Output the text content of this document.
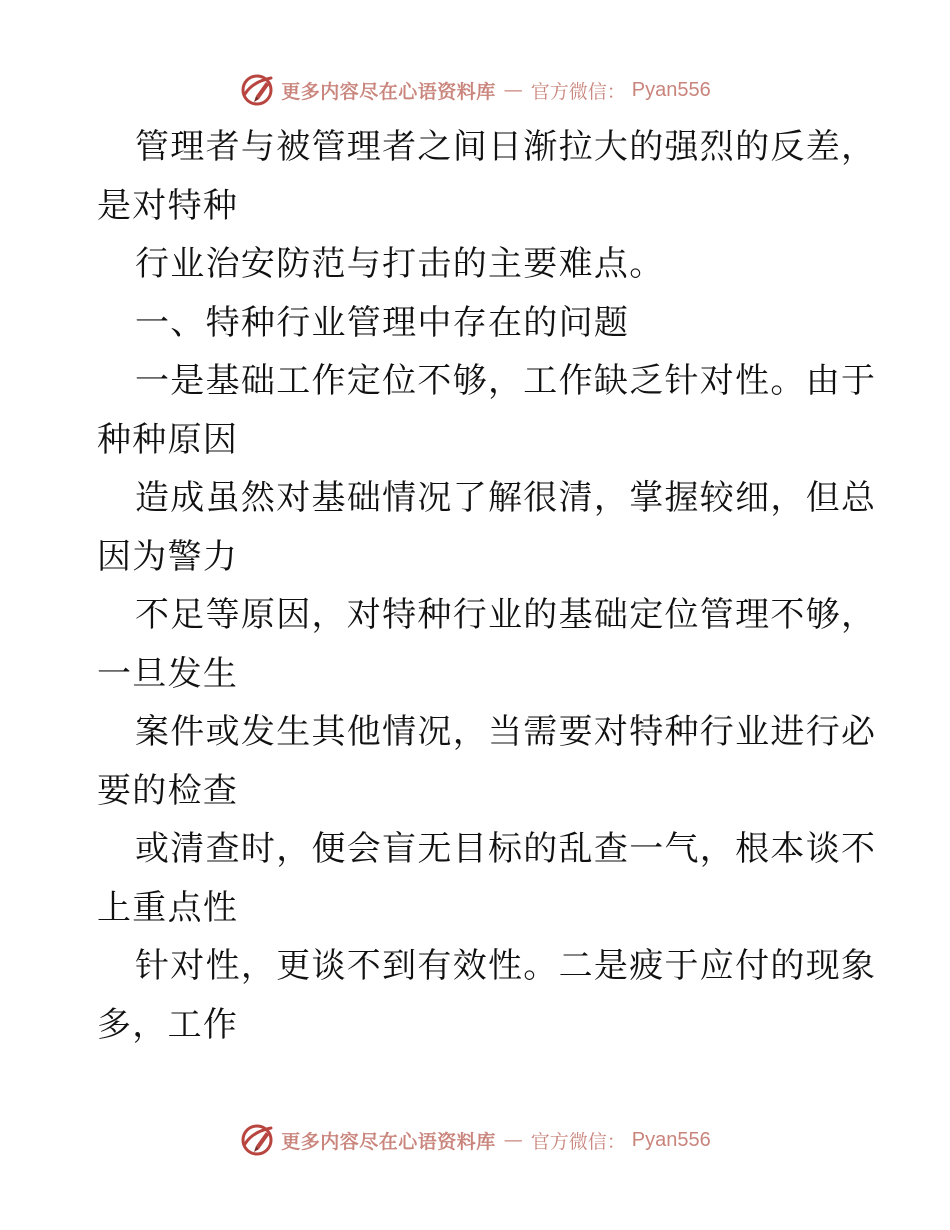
更多内容尽在心语资料库 — 官方微信： Pyan556
管理者与被管理者之间日渐拉大的强烈的反差，
是对特种
行业治安防范与打击的主要难点。
一、特种行业管理中存在的问题
一是基础工作定位不够，工作缺乏针对性。由于
种种原因
造成虽然对基础情况了解很清，掌握较细，但总
因为警力
不足等原因，对特种行业的基础定位管理不够，
一旦发生
案件或发生其他情况，当需要对特种行业进行必
要的检查
或清查时，便会盲无目标的乱查一气，根本谈不
上重点性
针对性，更谈不到有效性。二是疲于应付的现象
多，工作
更多内容尽在心语资料库 — 官方微信： Pyan556
